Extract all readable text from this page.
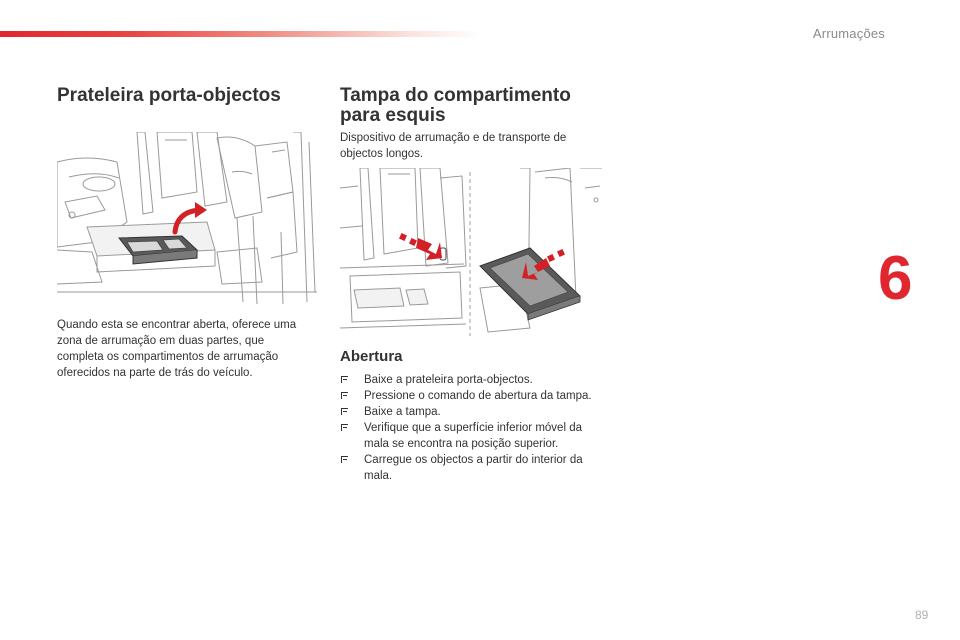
Arrumações
Prateleira porta-objectos

Quando esta se encontrar aberta, oferece uma zona de arrumação em duas partes, que completa os compartimentos de arrumação oferecidos na parte de trás do veículo.

Tampa do compartimento para esquis

Dispositivo de arrumação e de transporte de objectos longos.

Abertura
Baixe a prateleira porta-objectos.
Pressione o comando de abertura da tampa.
Baixe a tampa.
Verifique que a superfície inferior móvel da mala se encontra na posição superior.
Carregue os objectos a partir do interior da mala.
6
89
